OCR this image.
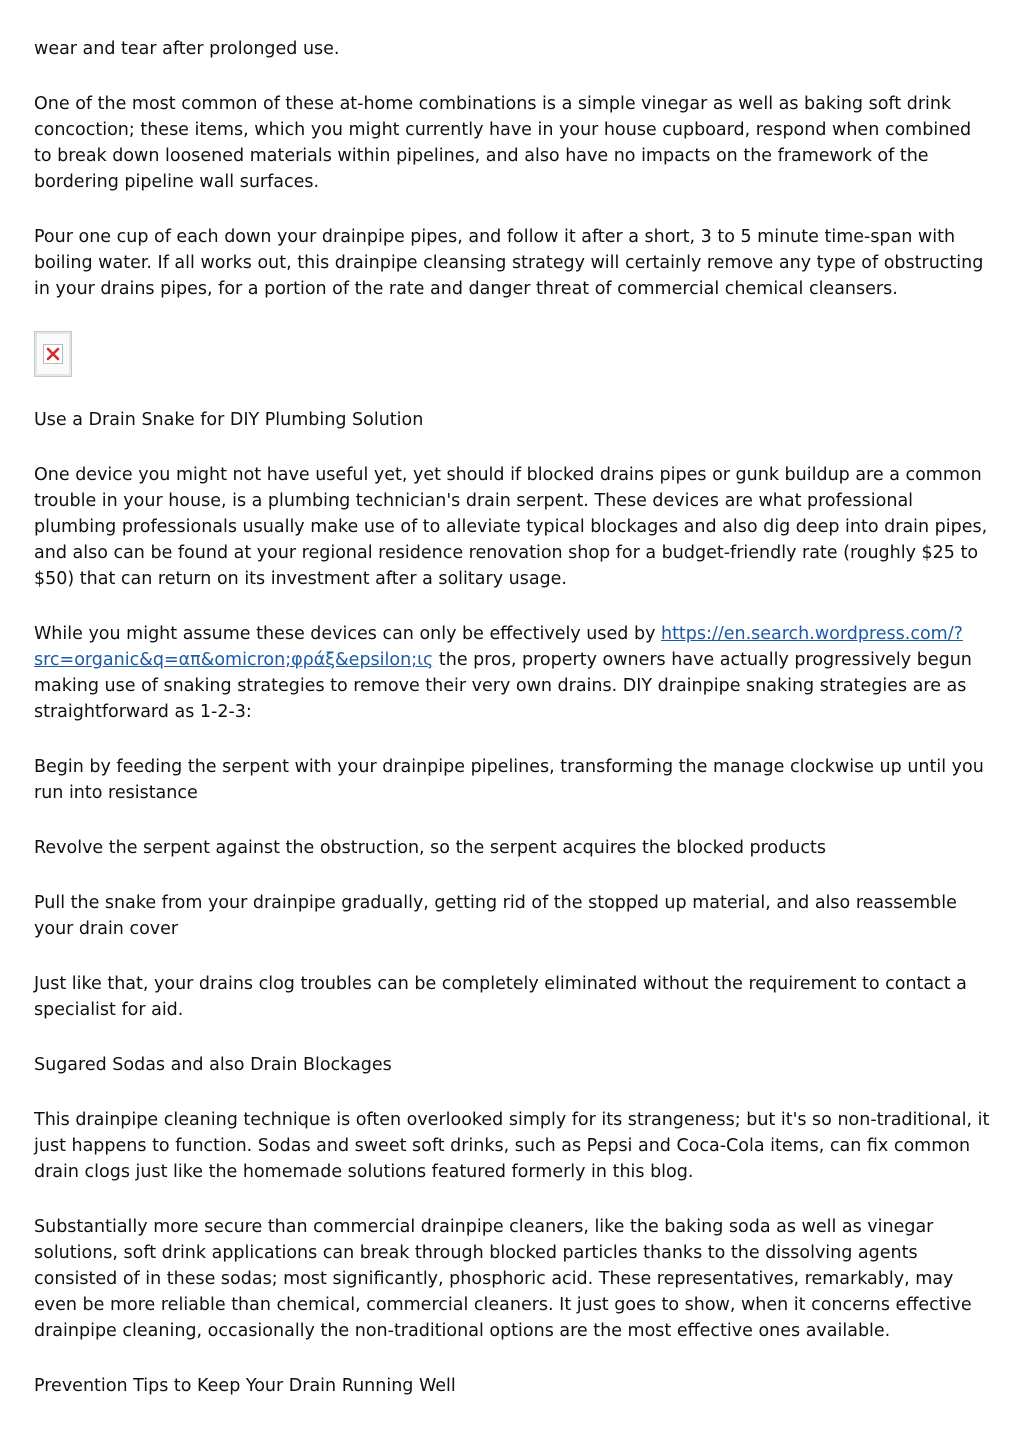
wear and tear after prolonged use.

One of the most common of these at-home combinations is a simple vinegar as well as baking soft drink concoction; these items, which you might currently have in your house cupboard, respond when combined to break down loosened materials within pipelines, and also have no impacts on the framework of the bordering pipeline wall surfaces.

Pour one cup of each down your drainpipe pipes, and follow it after a short, 3 to 5 minute time-span with boiling water. If all works out, this drainpipe cleansing strategy will certainly remove any type of obstructing in your drains pipes, for a portion of the rate and danger threat of commercial chemical cleansers.

Use a Drain Snake for DIY Plumbing Solution

One device you might not have useful yet, yet should if blocked drains pipes or gunk buildup are a common trouble in your house, is a plumbing technician's drain serpent. These devices are what professional plumbing professionals usually make use of to alleviate typical blockages and also dig deep into drain pipes, and also can be found at your regional residence renovation shop for a budget-friendly rate (roughly $25 to $50) that can return on its investment after a solitary usage.

While you might assume these devices can only be effectively used by https://en.search.wordpress.com/?src=organic&q=απ&omicron;φράξ&epsilon;ις the pros, property owners have actually progressively begun making use of snaking strategies to remove their very own drains. DIY drainpipe snaking strategies are as straightforward as 1-2-3:

Begin by feeding the serpent with your drainpipe pipelines, transforming the manage clockwise up until you run into resistance

Revolve the serpent against the obstruction, so the serpent acquires the blocked products

Pull the snake from your drainpipe gradually, getting rid of the stopped up material, and also reassemble your drain cover

Just like that, your drains clog troubles can be completely eliminated without the requirement to contact a specialist for aid.

Sugared Sodas and also Drain Blockages

This drainpipe cleaning technique is often overlooked simply for its strangeness; but it's so non-traditional, it just happens to function. Sodas and sweet soft drinks, such as Pepsi and Coca-Cola items, can fix common drain clogs just like the homemade solutions featured formerly in this blog.

Substantially more secure than commercial drainpipe cleaners, like the baking soda as well as vinegar solutions, soft drink applications can break through blocked particles thanks to the dissolving agents consisted of in these sodas; most significantly, phosphoric acid. These representatives, remarkably, may even be more reliable than chemical, commercial cleaners. It just goes to show, when it concerns effective drainpipe cleaning, occasionally the non-traditional options are the most effective ones available.

Prevention Tips to Keep Your Drain Running Well
